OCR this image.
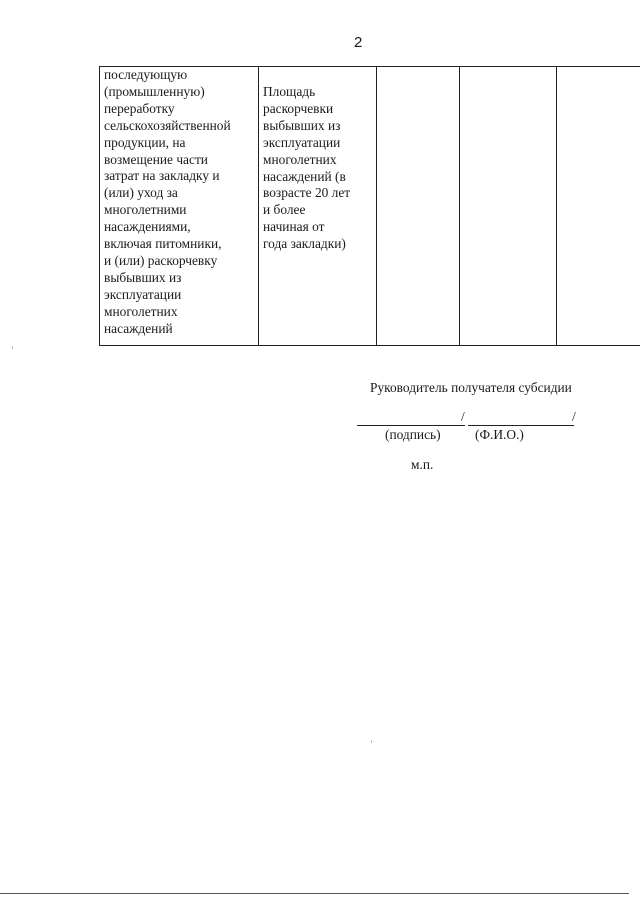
2
последующую
(промышленную)
переработку
сельскохозяйственной
продукции, на
возмещение части
затрат на закладку и
(или) уход за
многолетними
насаждениями,
включая питомники,
и (или) раскорчевку
выбывших из
эксплуатации
многолетних
насаждений

Площадь
раскорчевки
выбывших из
эксплуатации
многолетних
насаждений (в
возрасте 20 лет
и более
начиная от
года закладки)

Руководитель получателя субсидии
/	/
(подпись)	(Ф.И.О.)
м.п.
